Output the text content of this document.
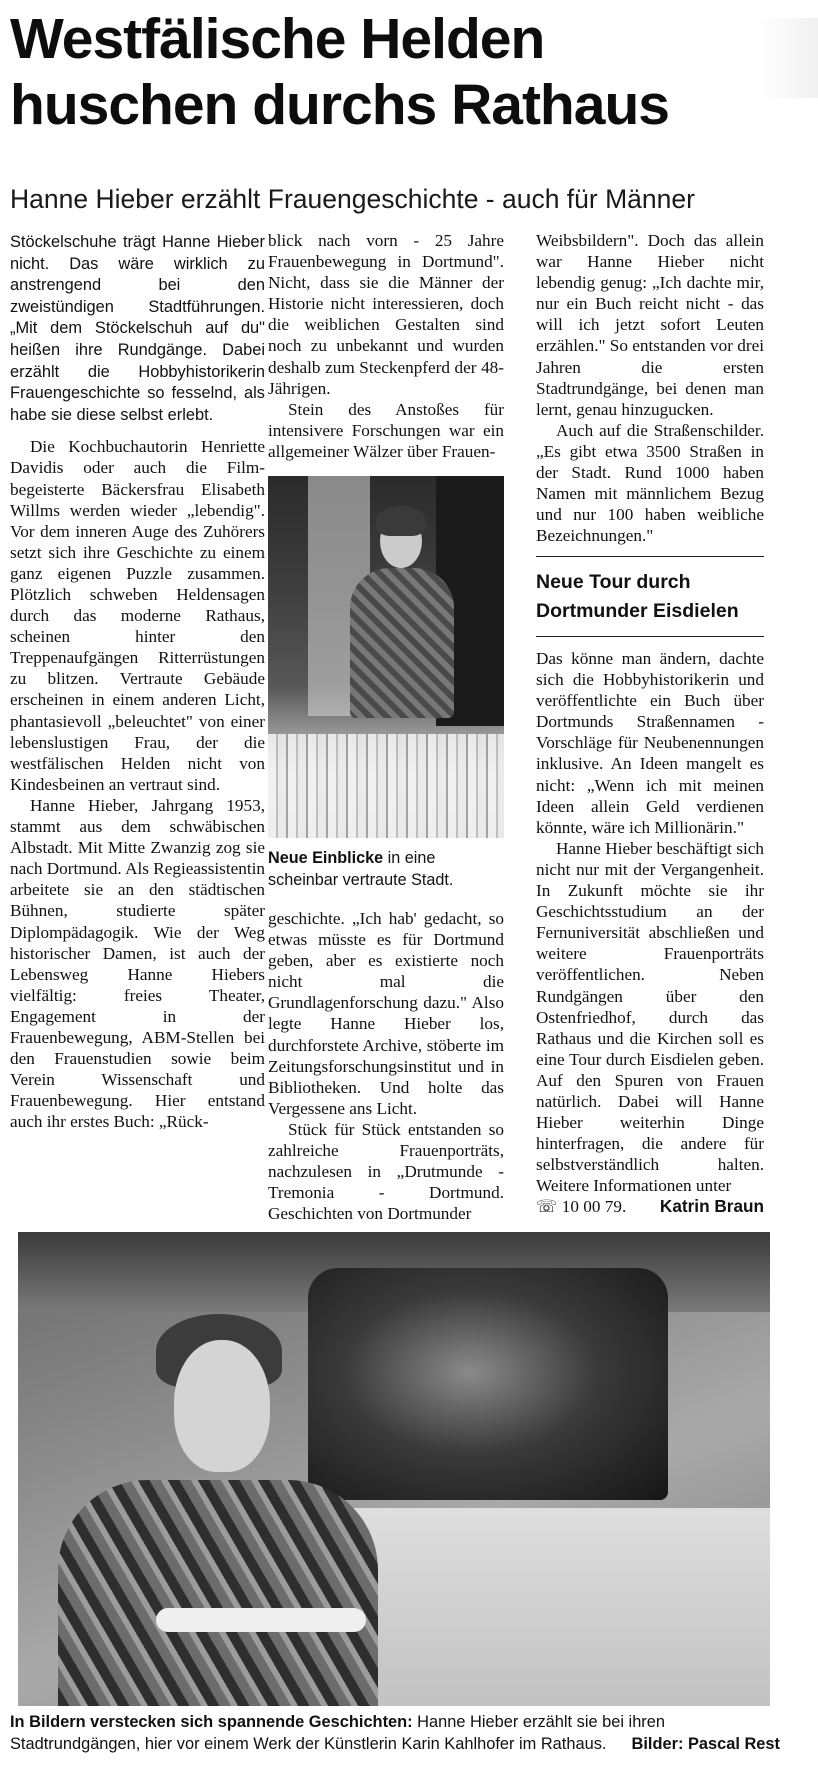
Westfälische Helden huschen durchs Rathaus
Hanne Hieber erzählt Frauengeschichte - auch für Männer

Stöckelschuhe trägt Hanne Hieber nicht. Das wäre wirklich zu anstrengend bei den zweistündigen Stadtführungen. „Mit dem Stöckelschuh auf du" heißen ihre Rundgänge. Dabei erzählt die Hobbyhistorikerin Frauengeschichte so fesselnd, als habe sie diese selbst erlebt.

Die Kochbuchautorin Henriette Davidis oder auch die Film-begeisterte Bäckersfrau Elisabeth Willms werden wieder „lebendig". Vor dem inneren Auge des Zuhörers setzt sich ihre Geschichte zu einem ganz eigenen Puzzle zusammen. Plötzlich schweben Heldensagen durch das moderne Rathaus, scheinen hinter den Treppenaufgängen Ritterrüstungen zu blitzen. Vertraute Gebäude erscheinen in einem anderen Licht, phantasievoll „beleuchtet" von einer lebenslustigen Frau, der die westfälischen Helden nicht von Kindesbeinen an vertraut sind.

Hanne Hieber, Jahrgang 1953, stammt aus dem schwäbischen Albstadt. Mit Mitte Zwanzig zog sie nach Dortmund. Als Regieassistentin arbeitete sie an den städtischen Bühnen, studierte später Diplompädagogik. Wie der Weg historischer Damen, ist auch der Lebensweg Hanne Hiebers vielfältig: freies Theater, Engagement in der Frauenbewegung, ABM-Stellen bei den Frauenstudien sowie beim Verein Wissenschaft und Frauenbewegung. Hier entstand auch ihr erstes Buch: „Rück-

blick nach vorn - 25 Jahre Frauenbewegung in Dortmund". Nicht, dass sie die Männer der Historie nicht interessieren, doch die weiblichen Gestalten sind noch zu unbekannt und wurden deshalb zum Steckenpferd der 48-Jährigen.

Stein des Anstoßes für intensivere Forschungen war ein allgemeiner Wälzer über Frauen-

Neue Einblicke in eine scheinbar vertraute Stadt.

geschichte. „Ich hab' gedacht, so etwas müsste es für Dortmund geben, aber es existierte noch nicht mal die Grundlagenforschung dazu." Also legte Hanne Hieber los, durchforstete Archive, stöberte im Zeitungsforschungsinstitut und in Bibliotheken. Und holte das Vergessene ans Licht.

Stück für Stück entstanden so zahlreiche Frauenporträts, nachzulesen in „Drutmunde - Tremonia - Dortmund. Geschichten von Dortmunder

Weibsbildern". Doch das allein war Hanne Hieber nicht lebendig genug: „Ich dachte mir, nur ein Buch reicht nicht - das will ich jetzt sofort Leuten erzählen." So entstanden vor drei Jahren die ersten Stadtrundgänge, bei denen man lernt, genau hinzugucken.

Auch auf die Straßenschilder. „Es gibt etwa 3500 Straßen in der Stadt. Rund 1000 haben Namen mit männlichem Bezug und nur 100 haben weibliche Bezeichnungen."

Neue Tour durch Dortmunder Eisdielen

Das könne man ändern, dachte sich die Hobbyhistorikerin und veröffentlichte ein Buch über Dortmunds Straßennamen - Vorschläge für Neubenennungen inklusive. An Ideen mangelt es nicht: „Wenn ich mit meinen Ideen allein Geld verdienen könnte, wäre ich Millionärin."

Hanne Hieber beschäftigt sich nicht nur mit der Vergangenheit. In Zukunft möchte sie ihr Geschichtsstudium an der Fernuniversität abschließen und weitere Frauenporträts veröffentlichen. Neben Rundgängen über den Ostenfriedhof, durch das Rathaus und die Kirchen soll es eine Tour durch Eisdielen geben. Auf den Spuren von Frauen natürlich. Dabei will Hanne Hieber weiterhin Dinge hinterfragen, die andere für selbstverständlich halten. Weitere Informationen unter

☏ 10 00 79. Katrin Braun

In Bildern verstecken sich spannende Geschichten: Hanne Hieber erzählt sie bei ihren Stadtrundgängen, hier vor einem Werk der Künstlerin Karin Kahlhofer im Rathaus. Bilder: Pascal Rest
